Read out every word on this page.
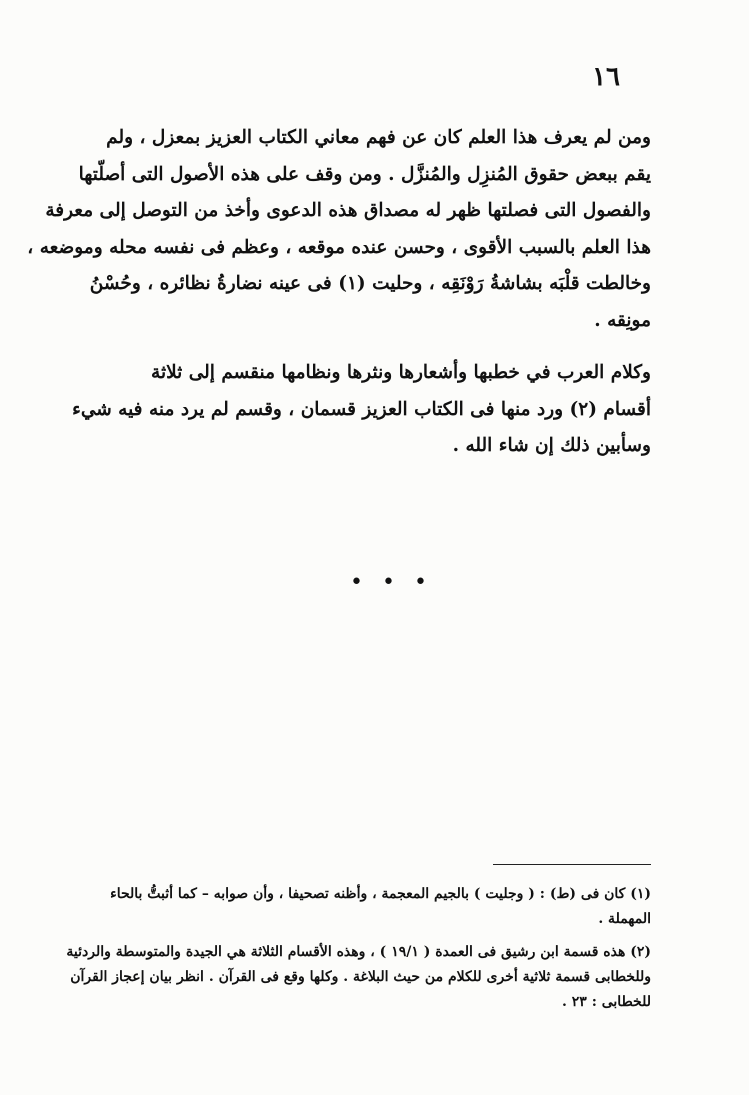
١٦
ومن لم يعرف هذا العلم كان عن فهم معاني الكتاب العزيز بمعزل ، ولم
يقم ببعض حقوق المُنزِل والمُنزَّل . ومن وقف على هذه الأصول التى أصلّتها
والفصول التى فصلتها ظهر له مصداق هذه الدعوى وأخذ من التوصل إلى معرفة
هذا العلم بالسبب الأقوى ، وحسن عنده موقعه ، وعظم فى نفسه محله وموضعه ،
وخالطت قلْبَه بشاشةُ رَوْنَقِه ، وحليت (١) فى عينه نضارةُ نظائره ، وحُسْنُ
مونِقه .
وكلام العرب في خطبها وأشعارها ونثرها ونظامها منقسم إلى ثلاثة
أقسام (٢) ورد منها فى الكتاب العزيز قسمان ، وقسم لم يرد منه فيه شيء
وسأبين ذلك إن شاء الله .
• • •
(١) كان فى (ط) : ( وجليت ) بالجيم المعجمة ، وأظنه تصحيفا ، وأن صوابه – كما أثبتُّ بالحاء
المهملة .
(٢) هذه قسمة ابن رشيق فى العمدة ( ١٩/١ ) ، وهذه الأقسام الثلاثة هي الجيدة والمتوسطة والردئية
وللخطابى قسمة ثلاثية أخرى للكلام من حيث البلاغة . وكلها وقع فى القرآن . انظر بيان إعجاز القرآن
للخطابى : ٢٣ .
